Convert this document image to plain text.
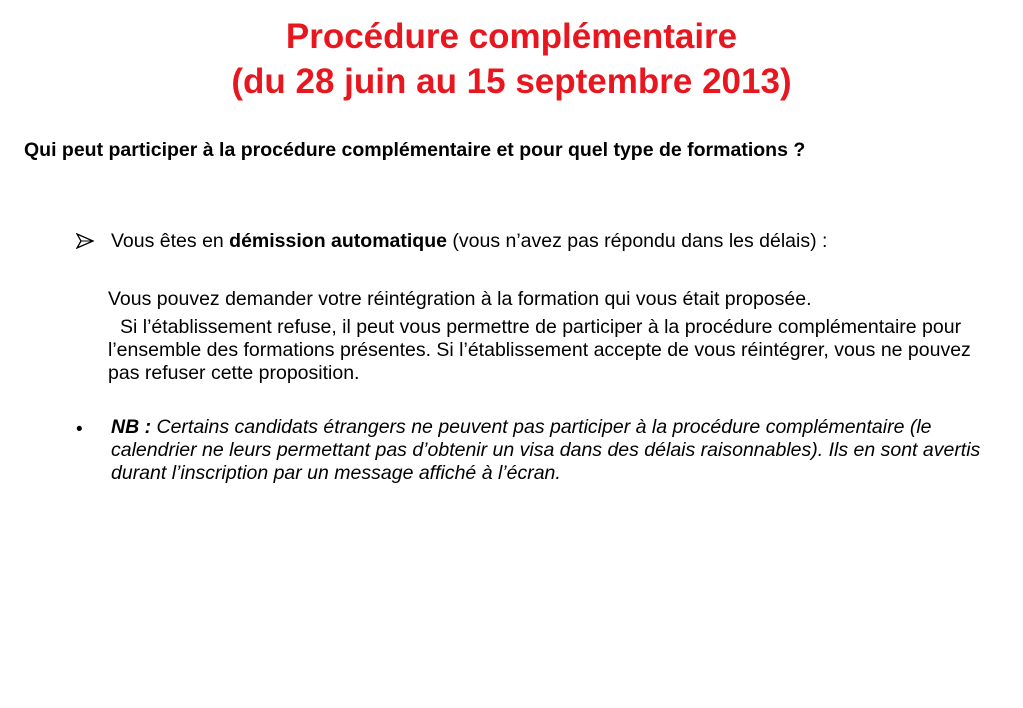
Procédure complémentaire
(du 28 juin au 15 septembre 2013)

Qui peut participer à la procédure complémentaire et pour quel type de formations ?

Vous êtes en démission automatique (vous n’avez pas répondu dans les délais) :

Vous pouvez demander votre réintégration à la formation qui vous était proposée.

Si l’établissement refuse, il peut vous permettre de participer à la procédure complémentaire pour l’ensemble des formations présentes. Si l’établissement accepte de vous réintégrer, vous ne pouvez pas refuser cette proposition.

• NB : Certains candidats étrangers ne peuvent pas participer à la procédure complémentaire (le calendrier ne leurs permettant pas d’obtenir un visa dans des délais raisonnables). Ils en sont avertis durant l’inscription par un message affiché à l’écran.
